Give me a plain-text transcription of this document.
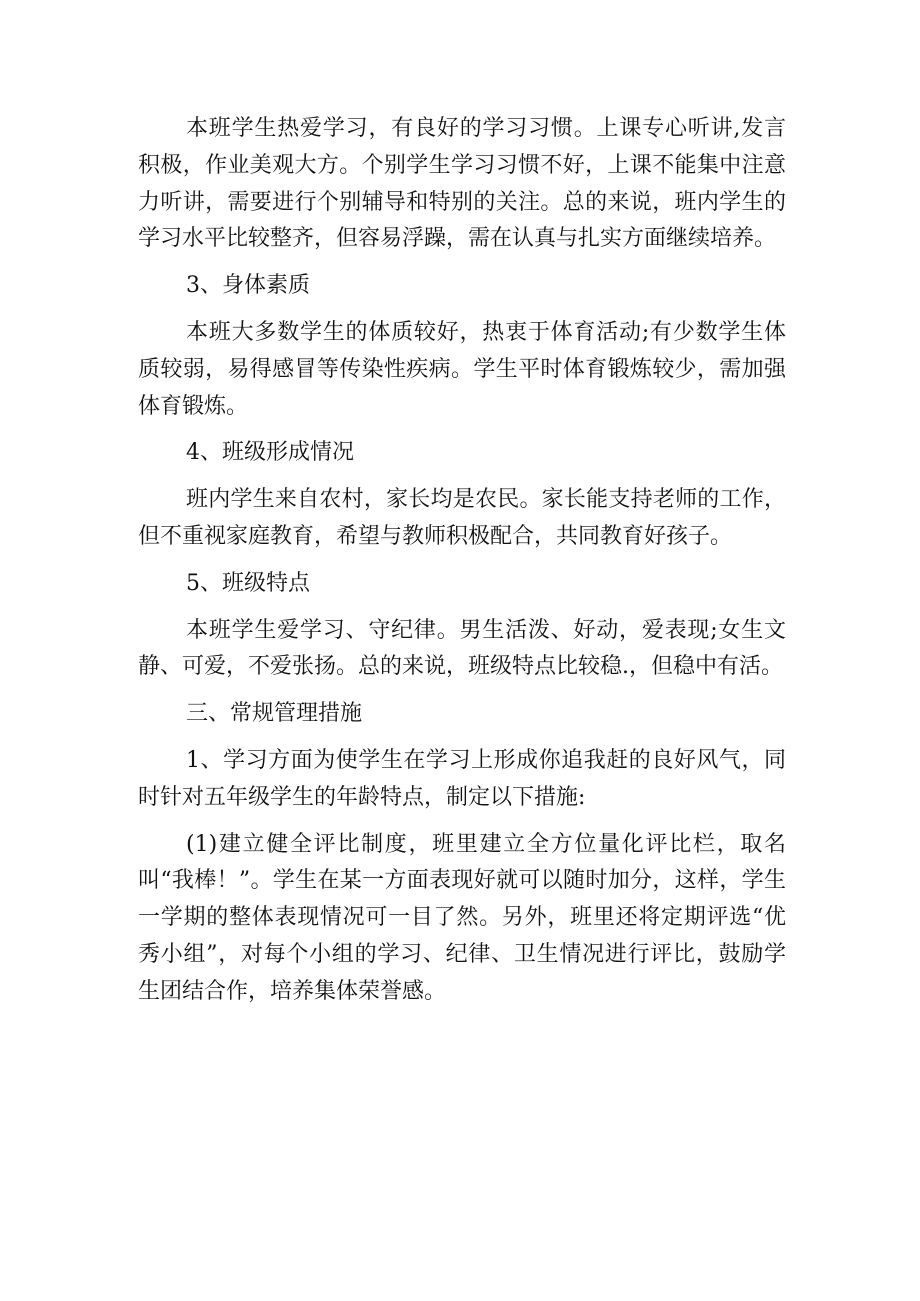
本班学生热爱学习，有良好的学习习惯。上课专心听讲,发言积极，作业美观大方。个别学生学习习惯不好，上课不能集中注意力听讲，需要进行个别辅导和特别的关注。总的来说，班内学生的学习水平比较整齐，但容易浮躁，需在认真与扎实方面继续培养。

3、身体素质

本班大多数学生的体质较好，热衷于体育活动;有少数学生体质较弱，易得感冒等传染性疾病。学生平时体育锻炼较少，需加强体育锻炼。

4、班级形成情况

班内学生来自农村，家长均是农民。家长能支持老师的工作，但不重视家庭教育，希望与教师积极配合，共同教育好孩子。

5、班级特点

本班学生爱学习、守纪律。男生活泼、好动，爱表现;女生文静、可爱，不爱张扬。总的来说，班级特点比较稳.，但稳中有活。

三、常规管理措施

1、学习方面为使学生在学习上形成你追我赶的良好风气，同时针对五年级学生的年龄特点，制定以下措施:

(1)建立健全评比制度，班里建立全方位量化评比栏，取名叫“我棒！”。学生在某一方面表现好就可以随时加分，这样，学生一学期的整体表现情况可一目了然。另外，班里还将定期评选“优秀小组”，对每个小组的学习、纪律、卫生情况进行评比，鼓励学生团结合作，培养集体荣誉感。
